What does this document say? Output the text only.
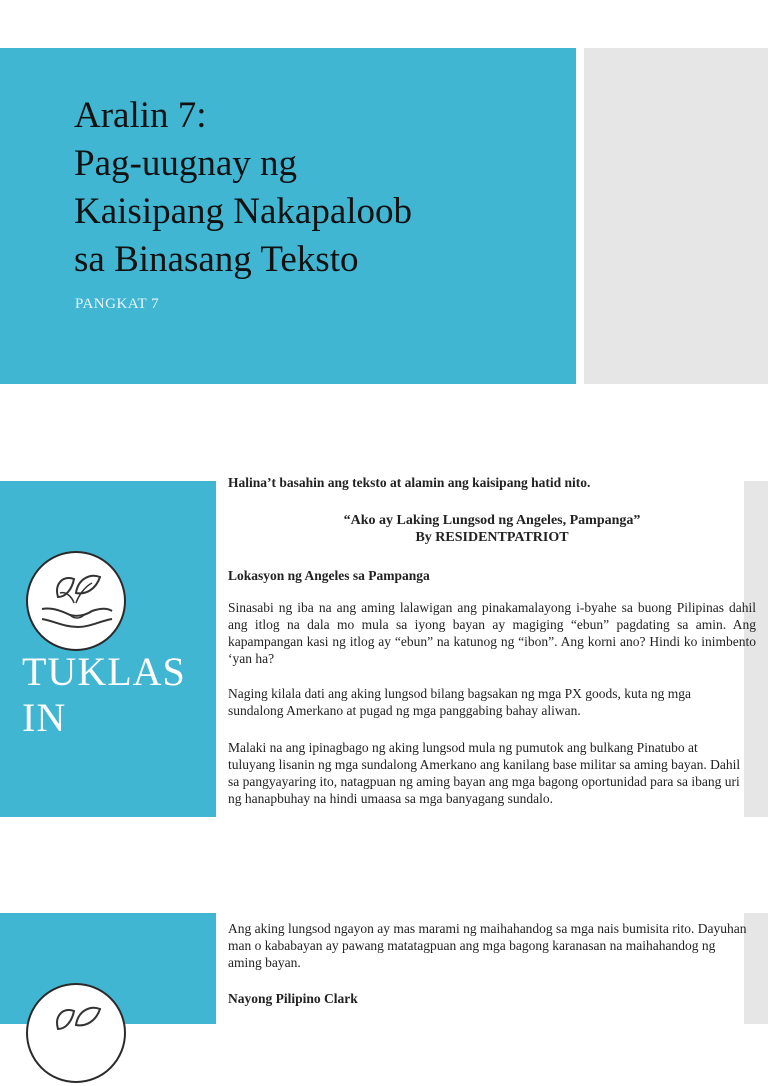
Aralin 7:
Pag-uugnay ng
Kaisipang Nakapaloob
sa Binasang Teksto
PANGKAT 7
TUKLAS
IN
Halina’t basahin ang teksto at alamin ang kaisipang hatid nito.
“Ako ay Laking Lungsod ng Angeles, Pampanga”
By RESIDENTPATRIOT
Lokasyon ng Angeles sa Pampanga

Sinasabi ng iba na ang aming lalawigan ang pinakamalayong i-byahe sa buong Pilipinas dahil ang itlog na dala mo mula sa iyong bayan ay magiging “ebun” pagdating sa amin. Ang kapampangan kasi ng itlog ay “ebun” na katunog ng “ibon”. Ang korni ano? Hindi ko inimbento ‘yan ha?

Naging kilala dati ang aking lungsod bilang bagsakan ng mga PX goods, kuta ng mga sundalong Amerkano at pugad ng mga panggabing bahay aliwan.

Malaki na ang ipinagbago ng aking lungsod mula ng pumutok ang bulkang Pinatubo at tuluyang lisanin ng mga sundalong Amerkano ang kanilang base militar sa aming bayan. Dahil sa pangyayaring ito, natagpuan ng aming bayan ang mga bagong oportunidad para sa ibang uri ng hanapbuhay na hindi umaasa sa mga banyagang sundalo.

Ang aking lungsod ngayon ay mas marami ng maihahandog sa mga nais bumisita rito. Dayuhan man o kababayan ay pawang matatagpuan ang mga bagong karanasan na maihahandog ng aming bayan.

Nayong Pilipino Clark
